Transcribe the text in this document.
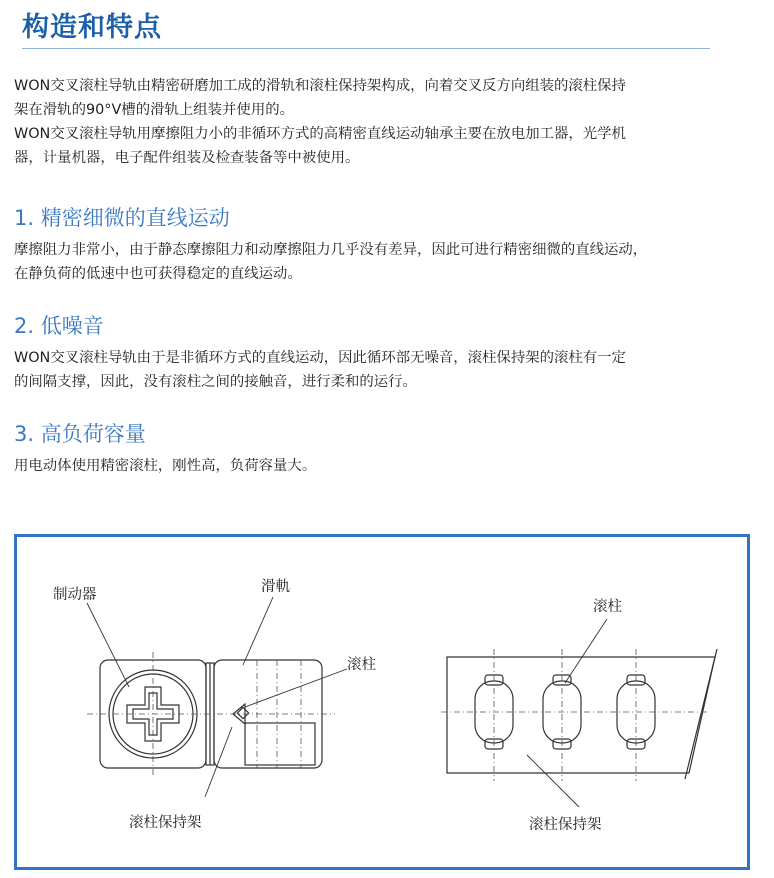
构造和特点

WON交叉滚柱导轨由精密研磨加工成的滑轨和滚柱保持架构成，向着交叉反方向组装的滚柱保持
架在滑轨的90°V槽的滑轨上组装并使用的。

WON交叉滚柱导轨用摩擦阻力小的非循环方式的高精密直线运动轴承主要在放电加工器，光学机
器，计量机器，电子配件组装及检查装备等中被使用。

1. 精密细微的直线运动

摩擦阻力非常小，由于静态摩擦阻力和动摩擦阻力几乎没有差异，因此可进行精密细微的直线运动，
在静负荷的低速中也可获得稳定的直线运动。

2. 低噪音

WON交叉滚柱导轨由于是非循环方式的直线运动，因此循环部无噪音，滚柱保持架的滚柱有一定
的间隔支撑，因此，没有滚柱之间的接触音，进行柔和的运行。

3. 高负荷容量

用电动体使用精密滚柱，刚性高，负荷容量大。

制动器	滑軌
滚柱
滚柱保持架
滚柱
滚柱保持架
